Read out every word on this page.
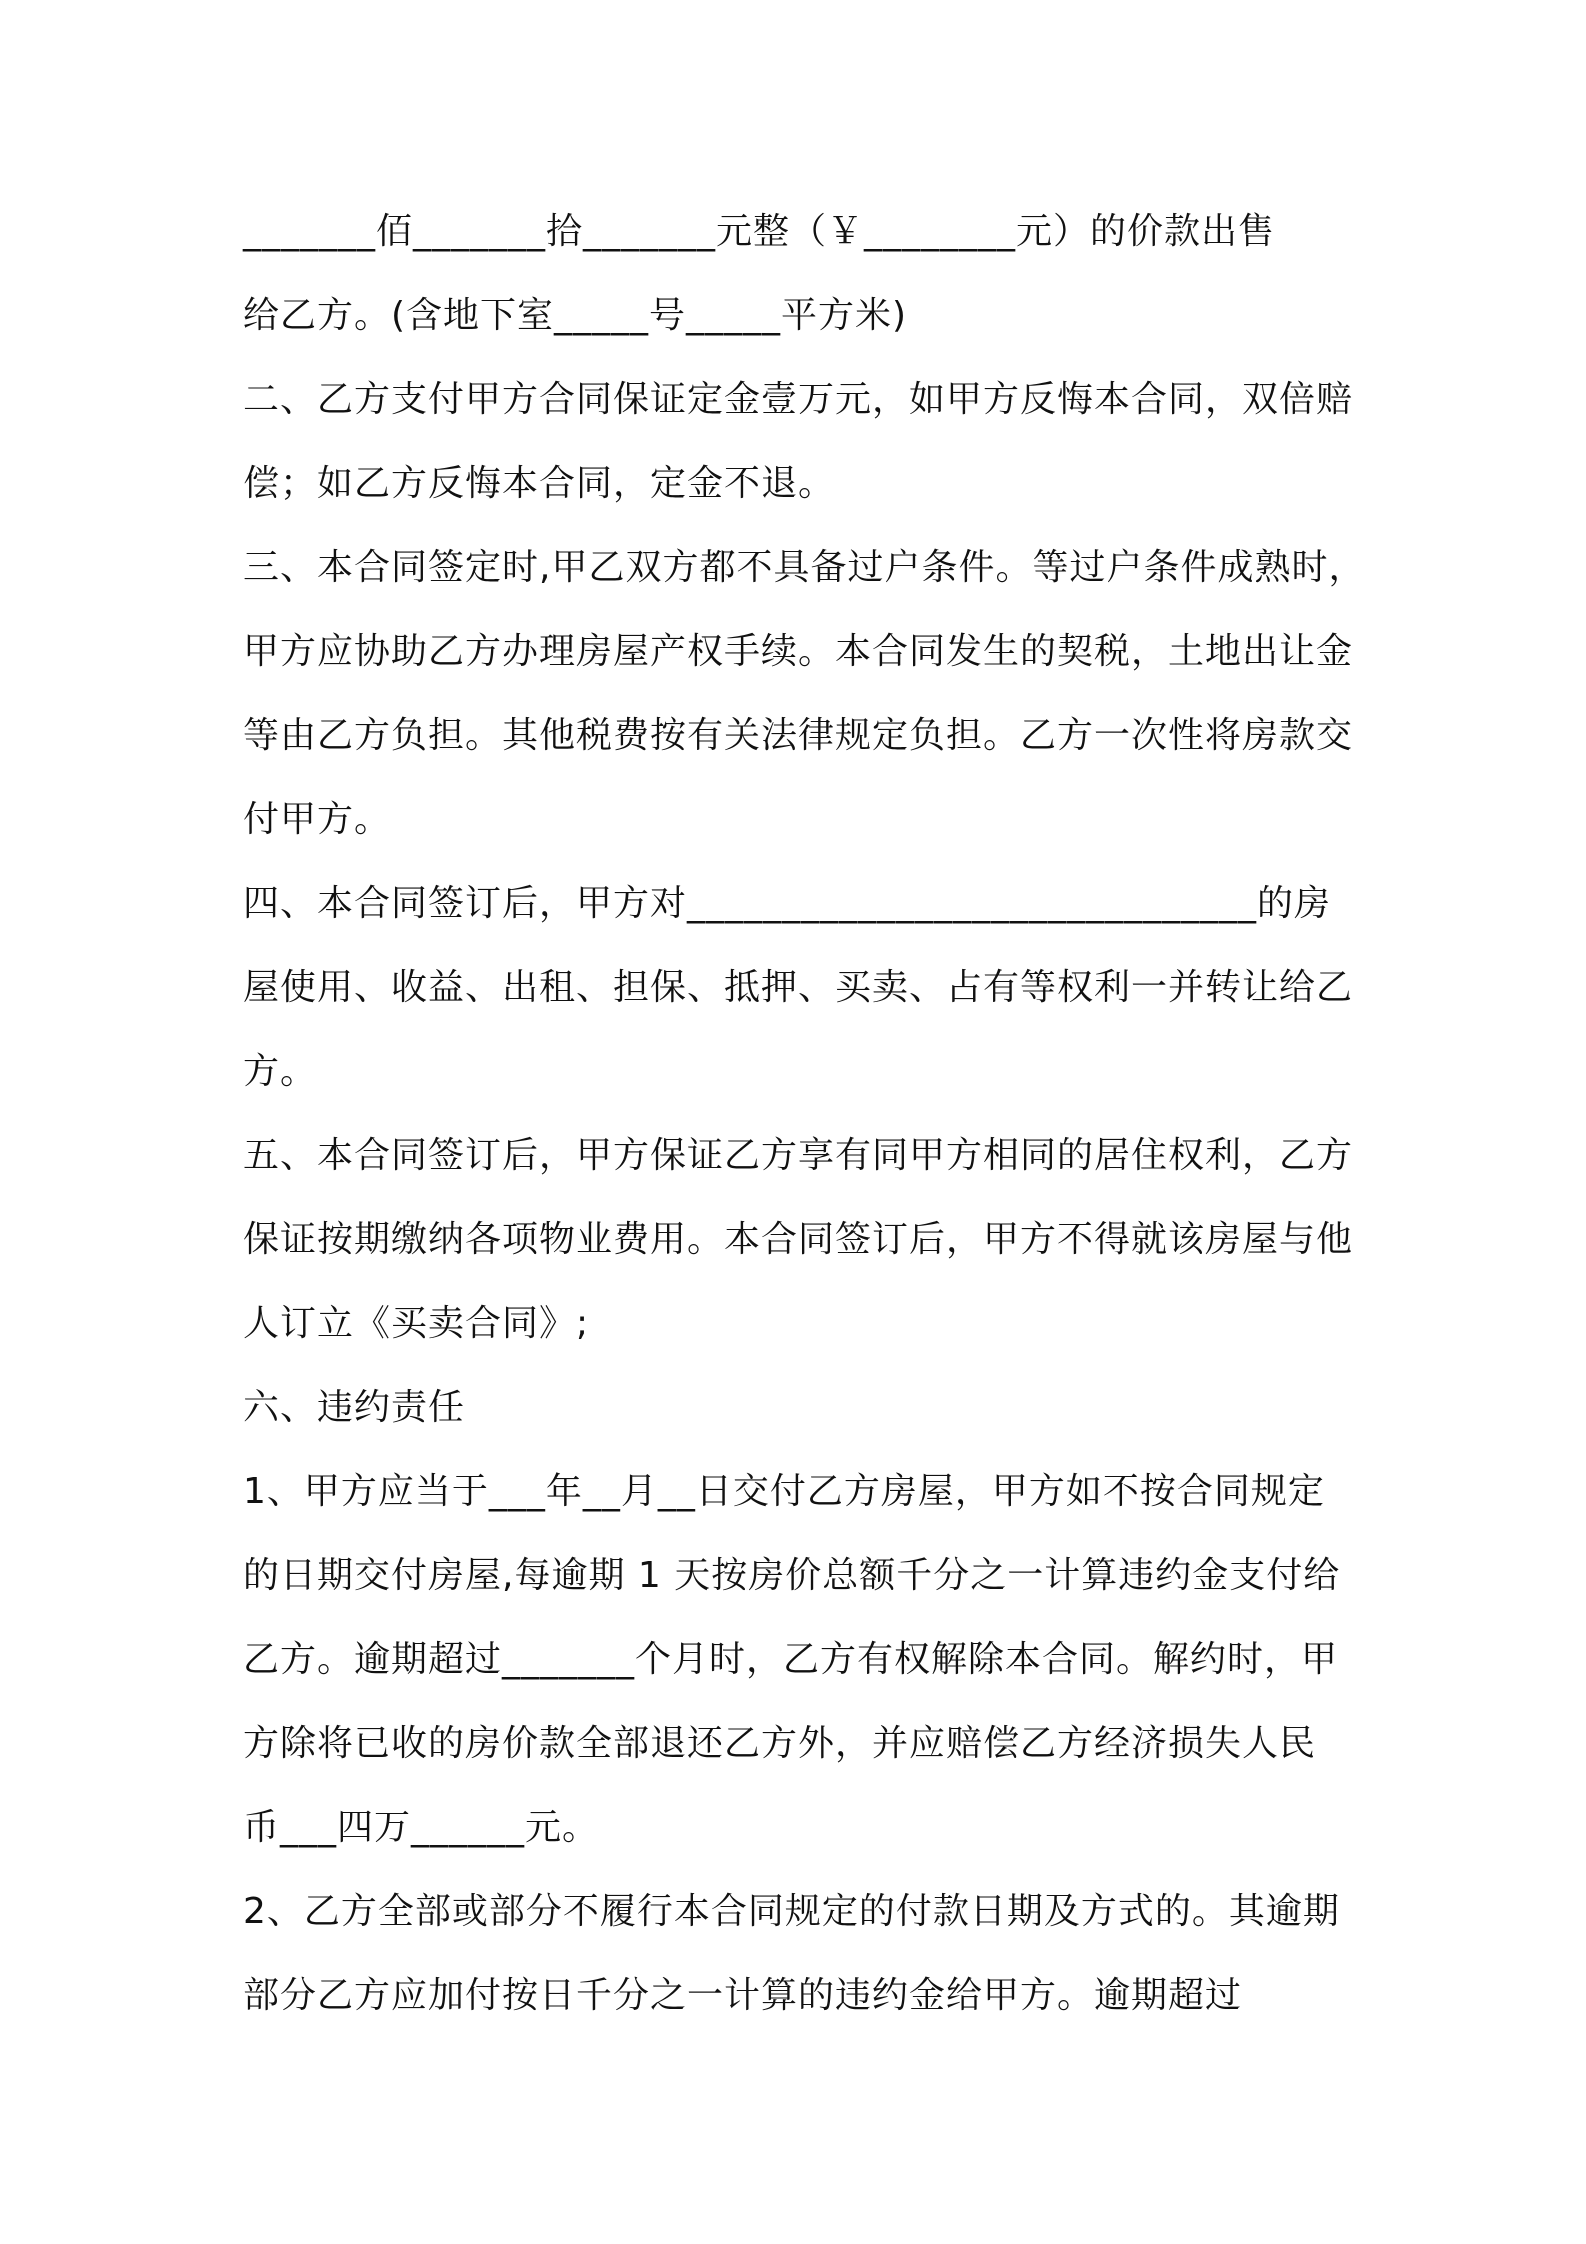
_______佰_______拾_______元整（￥________元）的价款出售
给乙方。(含地下室_____号_____平方米)
二、乙方支付甲方合同保证定金壹万元，如甲方反悔本合同，双倍赔
偿；如乙方反悔本合同，定金不退。
三、本合同签定时,甲乙双方都不具备过户条件。等过户条件成熟时，
甲方应协助乙方办理房屋产权手续。本合同发生的契税，土地出让金
等由乙方负担。其他税费按有关法律规定负担。乙方一次性将房款交
付甲方。
四、本合同签订后，甲方对______________________________的房
屋使用、收益、出租、担保、抵押、买卖、占有等权利一并转让给乙
方。
五、本合同签订后，甲方保证乙方享有同甲方相同的居住权利，乙方
保证按期缴纳各项物业费用。本合同签订后，甲方不得就该房屋与他
人订立《买卖合同》;
六、违约责任
1、甲方应当于___年__月__日交付乙方房屋，甲方如不按合同规定
的日期交付房屋,每逾期 1 天按房价总额千分之一计算违约金支付给
乙方。逾期超过_______个月时，乙方有权解除本合同。解约时，甲
方除将已收的房价款全部退还乙方外，并应赔偿乙方经济损失人民
币___四万______元。
2、乙方全部或部分不履行本合同规定的付款日期及方式的。其逾期
部分乙方应加付按日千分之一计算的违约金给甲方。逾期超过
